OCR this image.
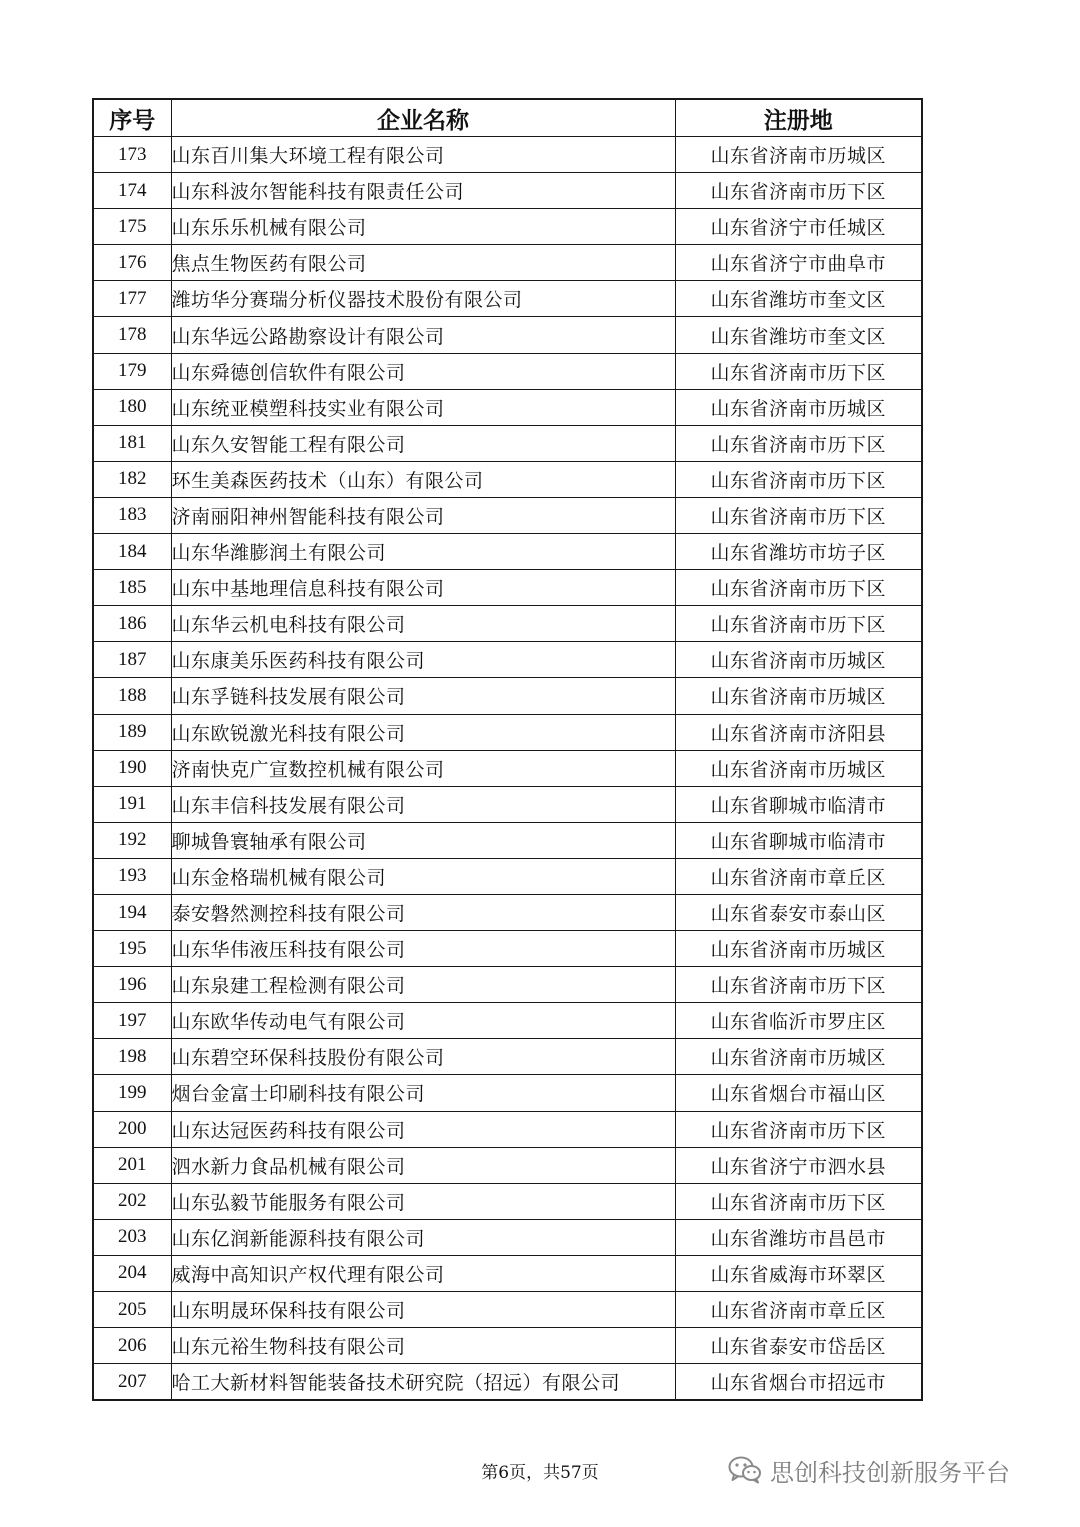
序号	企业名称	注册地
173	山东百川集大环境工程有限公司	山东省济南市历城区
174	山东科波尔智能科技有限责任公司	山东省济南市历下区
175	山东乐乐机械有限公司	山东省济宁市任城区
176	焦点生物医药有限公司	山东省济宁市曲阜市
177	潍坊华分赛瑞分析仪器技术股份有限公司	山东省潍坊市奎文区
178	山东华远公路勘察设计有限公司	山东省潍坊市奎文区
179	山东舜德创信软件有限公司	山东省济南市历下区
180	山东统亚模塑科技实业有限公司	山东省济南市历城区
181	山东久安智能工程有限公司	山东省济南市历下区
182	环生美森医药技术（山东）有限公司	山东省济南市历下区
183	济南丽阳神州智能科技有限公司	山东省济南市历下区
184	山东华潍膨润土有限公司	山东省潍坊市坊子区
185	山东中基地理信息科技有限公司	山东省济南市历下区
186	山东华云机电科技有限公司	山东省济南市历下区
187	山东康美乐医药科技有限公司	山东省济南市历城区
188	山东孚链科技发展有限公司	山东省济南市历城区
189	山东欧锐激光科技有限公司	山东省济南市济阳县
190	济南快克广宣数控机械有限公司	山东省济南市历城区
191	山东丰信科技发展有限公司	山东省聊城市临清市
192	聊城鲁寰轴承有限公司	山东省聊城市临清市
193	山东金格瑞机械有限公司	山东省济南市章丘区
194	泰安磐然测控科技有限公司	山东省泰安市泰山区
195	山东华伟液压科技有限公司	山东省济南市历城区
196	山东泉建工程检测有限公司	山东省济南市历下区
197	山东欧华传动电气有限公司	山东省临沂市罗庄区
198	山东碧空环保科技股份有限公司	山东省济南市历城区
199	烟台金富士印刷科技有限公司	山东省烟台市福山区
200	山东达冠医药科技有限公司	山东省济南市历下区
201	泗水新力食品机械有限公司	山东省济宁市泗水县
202	山东弘毅节能服务有限公司	山东省济南市历下区
203	山东亿润新能源科技有限公司	山东省潍坊市昌邑市
204	威海中高知识产权代理有限公司	山东省威海市环翠区
205	山东明晟环保科技有限公司	山东省济南市章丘区
206	山东元裕生物科技有限公司	山东省泰安市岱岳区
207	哈工大新材料智能装备技术研究院（招远）有限公司	山东省烟台市招远市
第6页，共57页	思创科技创新服务平台
